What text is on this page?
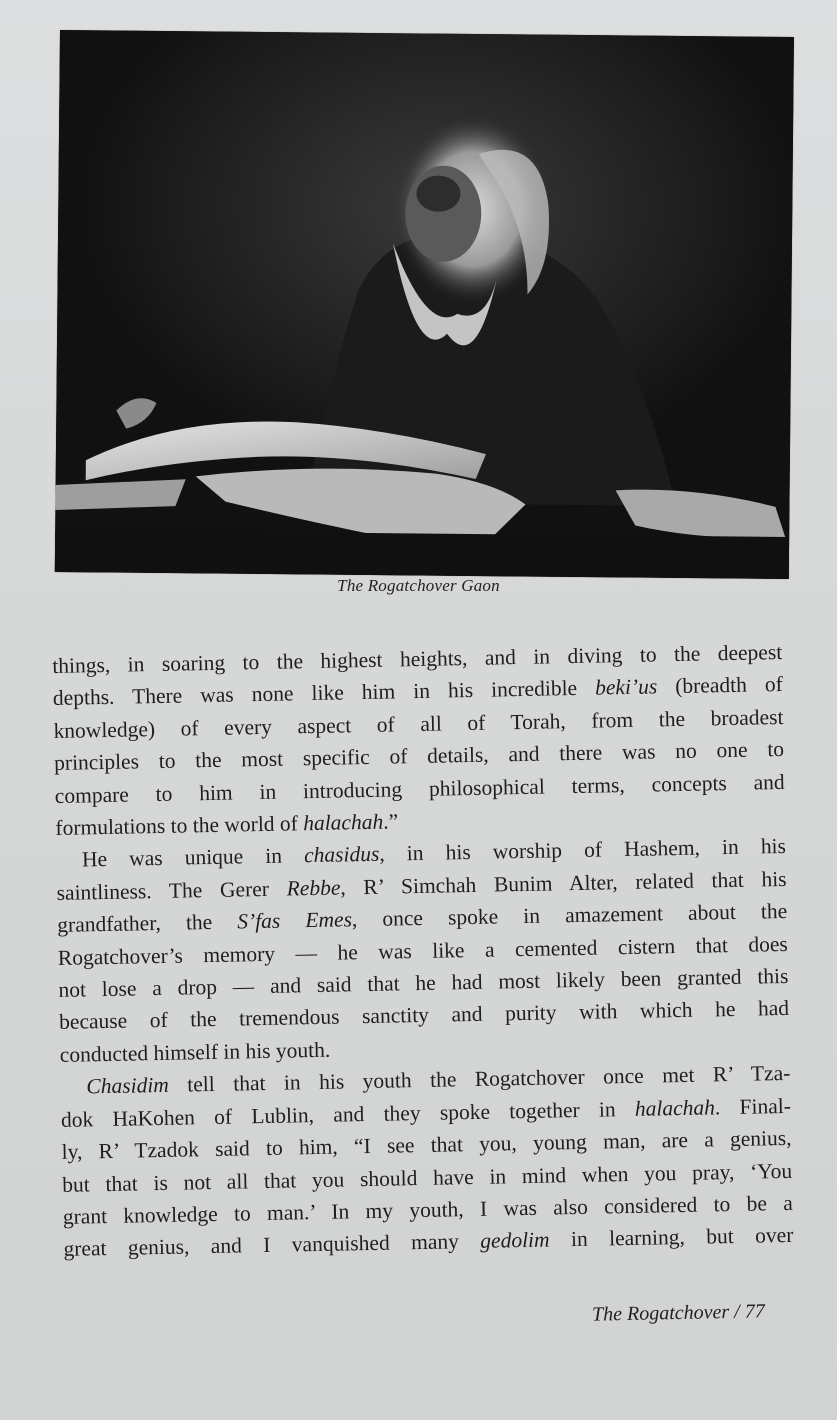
The Rogatchover Gaon

things, in soaring to the highest heights, and in diving to the deepest
depths. There was none like him in his incredible beki’us (breadth of
knowledge) of every aspect of all of Torah, from the broadest
principles to the most specific of details, and there was no one to
compare to him in introducing philosophical terms, concepts and
formulations to the world of halachah.”

He was unique in chasidus, in his worship of Hashem, in his
saintliness. The Gerer Rebbe, R’ Simchah Bunim Alter, related that his
grandfather, the S’fas Emes, once spoke in amazement about the
Rogatchover’s memory — he was like a cemented cistern that does
not lose a drop — and said that he had most likely been granted this
because of the tremendous sanctity and purity with which he had
conducted himself in his youth.

Chasidim tell that in his youth the Rogatchover once met R’ Tza-
dok HaKohen of Lublin, and they spoke together in halachah. Final-
ly, R’ Tzadok said to him, “I see that you, young man, are a genius,
but that is not all that you should have in mind when you pray, ‘You
grant knowledge to man.’ In my youth, I was also considered to be a
great genius, and I vanquished many gedolim in learning, but over

The Rogatchover / 77
